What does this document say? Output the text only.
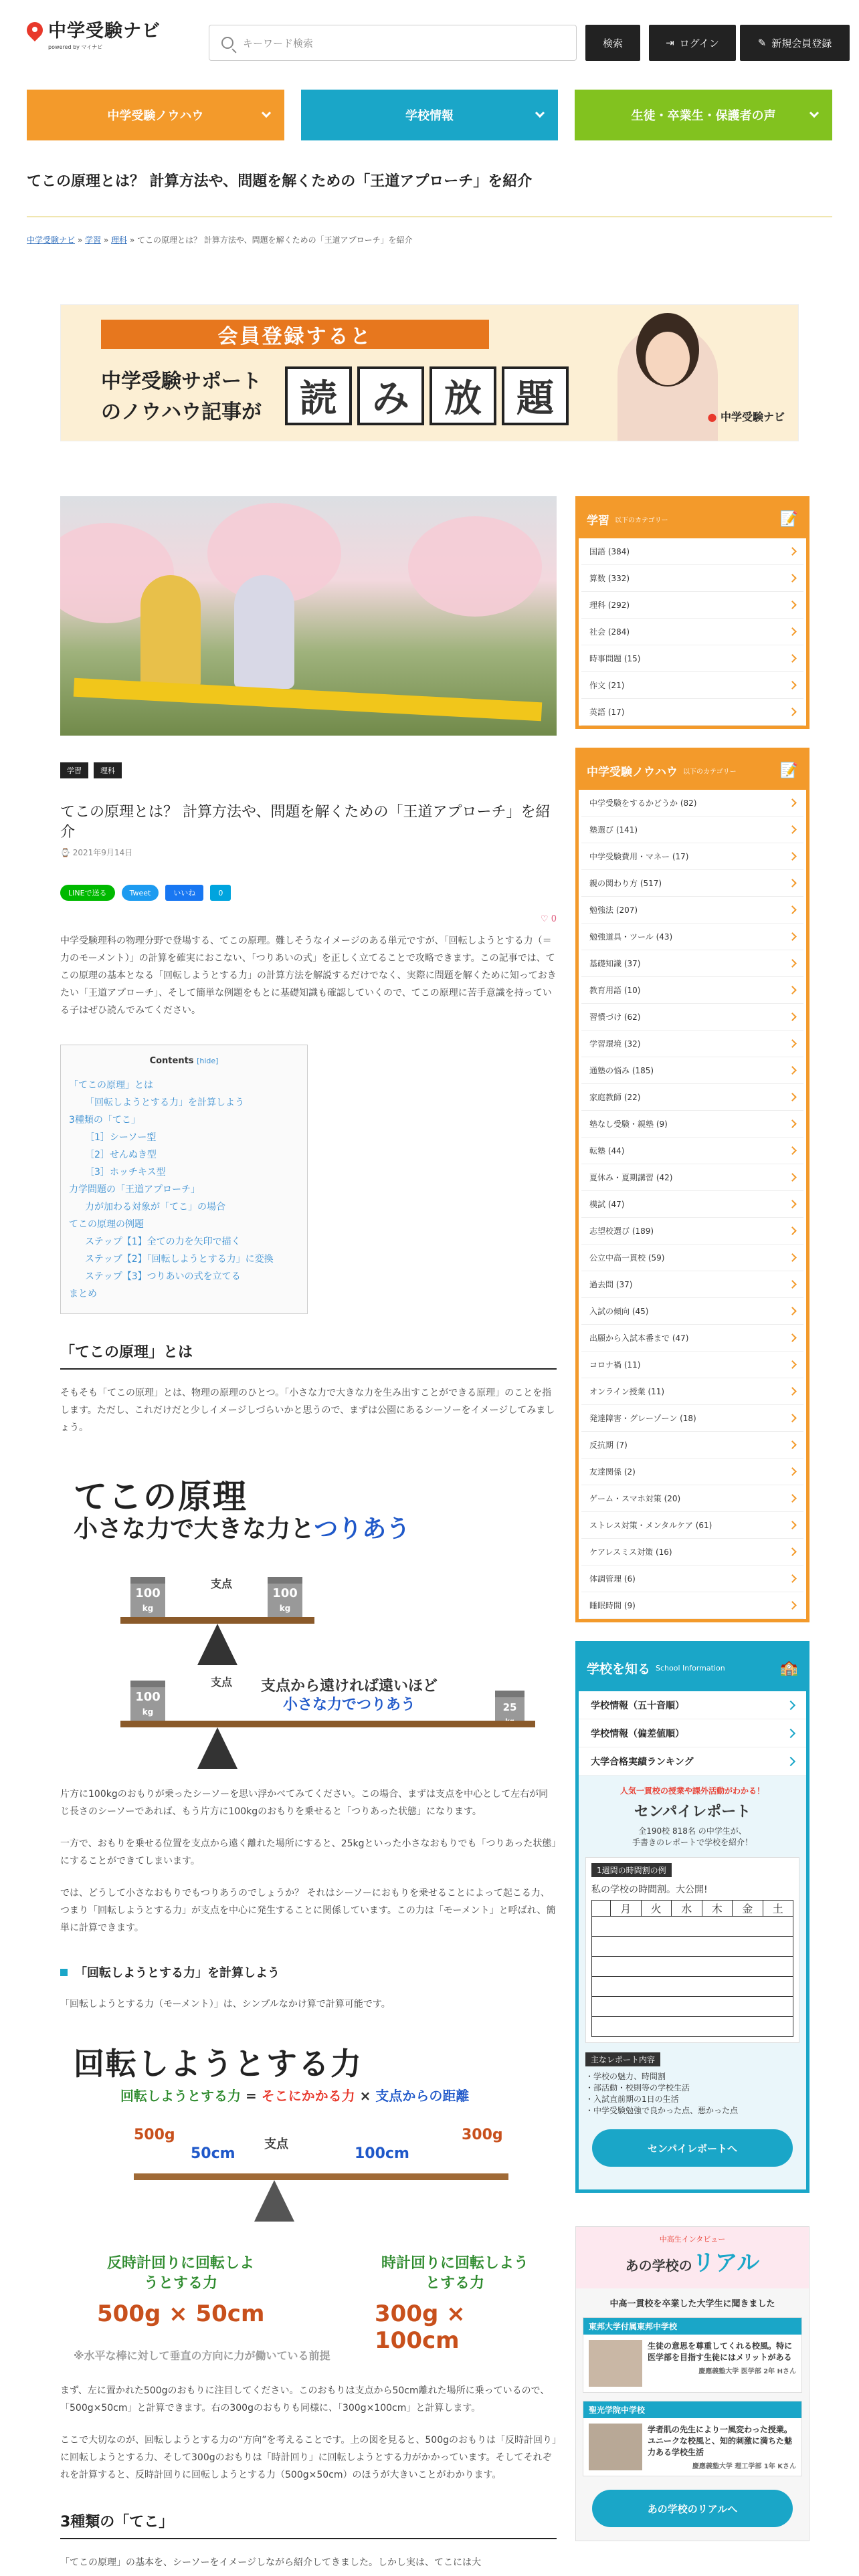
中学受験ナビ
powered by マイナビ	キーワード検索	検索	⇥ ログイン	✎ 新規会員登録
中学受験ノウハウ	学校情報	生徒・卒業生・保護者の声
てこの原理とは？ 計算方法や、問題を解くための「王道アプローチ」を紹介
中学受験ナビ » 学習 » 理科 » てこの原理とは？ 計算方法や、問題を解くための「王道アプローチ」を紹介
会員登録すると
中学受験サポート
のノウハウ記事が	読 み 放 題	● 中学受験ナビ
学習	理科
てこの原理とは？ 計算方法や、問題を解くための「王道アプローチ」を紹介
⌚ 2021年9月14日
LINEで送る	Tweet	いいね	0
♡ 0

中学受験理科の物理分野で登場する、てこの原理。難しそうなイメージのある単元ですが、「回転しようとする力（＝力のモーメント）」の計算を確実におこない、「つりあいの式」を正しく立てることで攻略できます。この記事では、てこの原理の基本となる「回転しようとする力」の計算方法を解説するだけでなく、実際に問題を解くために知っておきたい「王道アプローチ」、そして簡単な例題をもとに基礎知識も確認していくので、てこの原理に苦手意識を持っている子はぜひ読んでみてください。

Contents [hide]
「てこの原理」とは
「回転しようとする力」を計算しよう
3種類の「てこ」
［1］シーソー型
［2］せんぬき型
［3］ホッチキス型
力学問題の「王道アプローチ」
力が加わる対象が「てこ」の場合
てこの原理の例題
ステップ【1】全ての力を矢印で描く
ステップ【2】「回転しようとする力」に変換
ステップ【3】つりあいの式を立てる
まとめ
「てこの原理」とは

そもそも「てこの原理」とは、物理の原理のひとつ。「小さな力で大きな力を生み出すことができる原理」のことを指します。ただし、これだけだと少しイメージしづらいかと思うので、まずは公園にあるシーソーをイメージしてみましょう。

てこの原理
小さな力で大きな力とつりあう
支点
100
kg
100
kg
支点
100
kg	25
支点から遠ければ遠いほど
小さな力でつりあう

片方に100kgのおもりが乗ったシーソーを思い浮かべてみてください。この場合、まずは支点を中心として左右が同じ長さのシーソーであれば、もう片方に100kgのおもりを乗せると「つりあった状態」になります。

一方で、おもりを乗せる位置を支点から遠く離れた場所にすると、25kgといった小さなおもりでも「つりあった状態」にすることができてしまいます。

では、どうして小さなおもりでもつりあうのでしょうか？ それはシーソーにおもりを乗せることによって起こる力、つまり「回転しようとする力」が支点を中心に発生することに関係しています。この力は「モーメント」と呼ばれ、簡単に計算できます。

「回転しようとする力」を計算しよう

「回転しようとする力（モーメント）」は、シンプルなかけ算で計算可能です。

回転しようとする力
回転しようとする力 = そこにかかる力 × 支点からの距離
500g
50cm
支点
100cm
300g
反時計回りに回転しようとする力
時計回りに回転しようとする力
500g × 50cm	300g × 100cm
※水平な棒に対して垂直の方向に力が働いている前提

まず、左に置かれた500gのおもりに注目してください。このおもりは支点から50cm離れた場所に乗っているので、「500g×50cm」と計算できます。右の300gのおもりも同様に、「300g×100cm」と計算します。

ここで大切なのが、回転しようとする力の“方向”を考えることです。上の図を見ると、500gのおもりは「反時計回り」に回転しようとする力、そして300gのおもりは「時計回り」に回転しようとする力がかかっています。そしてそれぞれを計算すると、反時計回りに回転しようとする力（500g×50cm）のほうが大きいことがわかります。

3種類の「てこ」

「てこの原理」の基本を、シーソーをイメージしながら紹介してきました。しかし実は、てこには大

学習 以下のカテゴリー	📝
国語 (384)
算数 (332)
理科 (292)
社会 (284)
時事問題 (15)
作文 (21)
英語 (17)
中学受験ノウハウ 以下のカテゴリー	📝
中学受験をするかどうか (82)
塾選び (141)
中学受験費用・マネー (17)
親の関わり方 (517)
勉強法 (207)
勉強道具・ツール (43)
基礎知識 (37)
教育用語 (10)
習慣づけ (62)
学習環境 (32)
通塾の悩み (185)
家庭教師 (22)
塾なし受験・親塾 (9)
転塾 (44)
夏休み・夏期講習 (42)
模試 (47)
志望校選び (189)
公立中高一貫校 (59)
過去問 (37)
入試の傾向 (45)
出願から入試本番まで (47)
コロナ禍 (11)
オンライン授業 (11)
発達障害・グレーゾーン (18)
反抗期 (7)
友達関係 (2)
ゲーム・スマホ対策 (20)
ストレス対策・メンタルケア (61)
ケアレスミス対策 (16)
体調管理 (6)
睡眠時間 (9)
学校を知る School Information	🏫
学校情報（五十音順）
学校情報（偏差値順）
大学合格実績ランキング
人気一貫校の授業や課外活動がわかる！
センパイレポート
全190校 818名 の中学生が、
手書きのレポートで学校を紹介！
1週間の時間割の例
私の学校の時間割。大公開!
月	火	水	木	金	土
主なレポート内容
・学校の魅力、時間割
・部活動・校則等の学校生活
・入試直前期の1日の生活
・中学受験勉強で良かった点、悪かった点
センパイレポートへ
中高生インタビュー
あの学校のリアル
中高一貫校を卒業した大学生に聞きました
東邦大学付属東邦中学校
生徒の意思を尊重してくれる校風。特に医学部を目指す生徒にはメリットがある
慶應義塾大学 医学部 2年 Hさん
聖光学院中学校
学者肌の先生により一風変わった授業。ユニークな校風と、知的刺激に満ちた魅力ある学校生活
慶應義塾大学 理工学部 1年 Kさん
あの学校のリアルへ
